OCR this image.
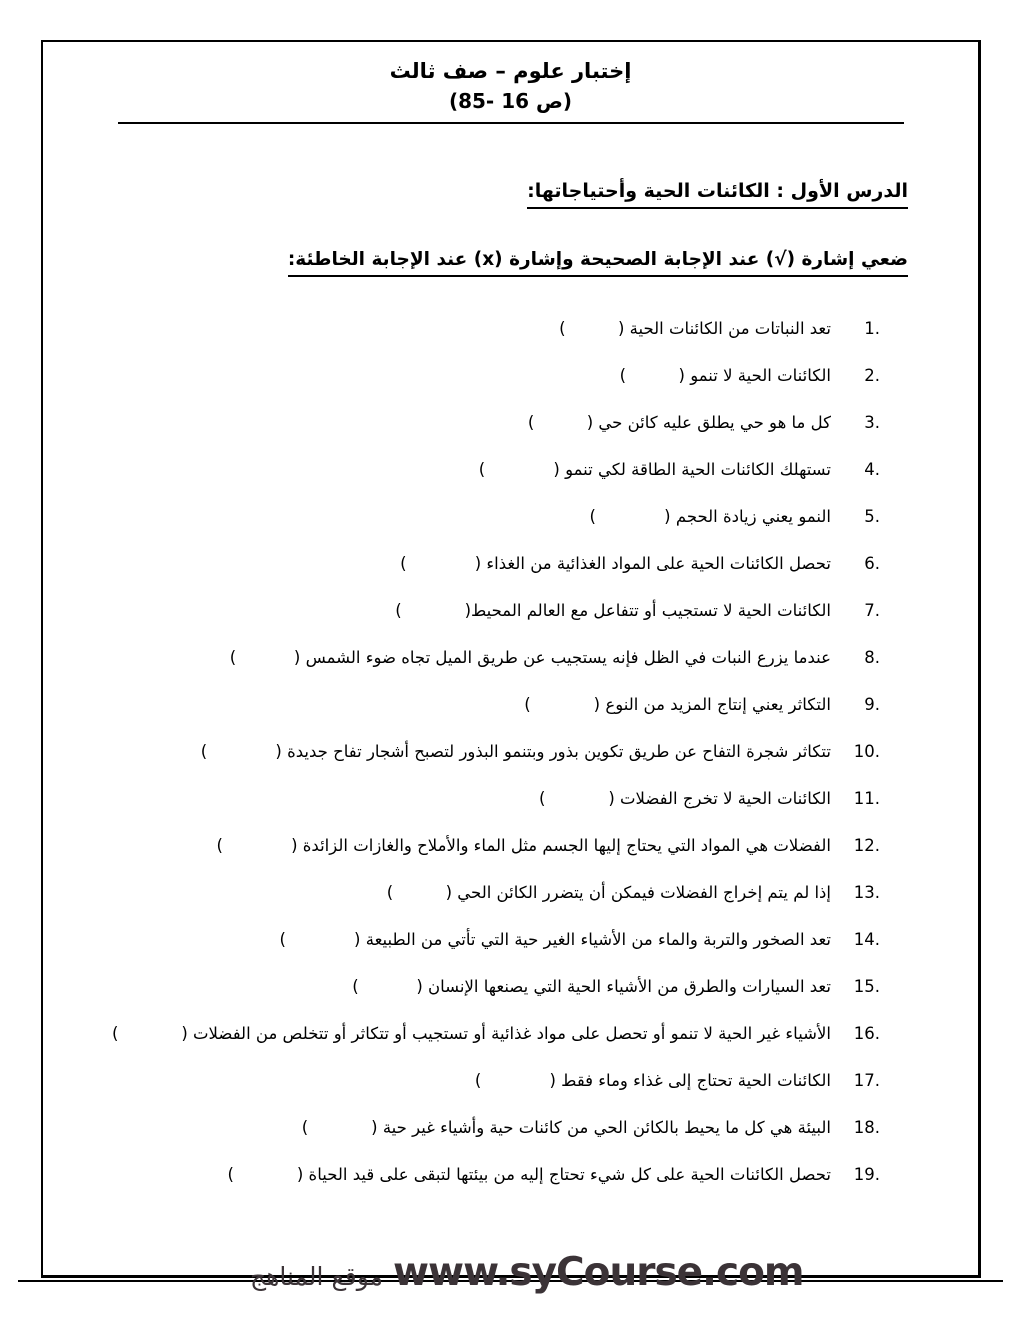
إختبار علوم – صف ثالث
(ص 16 -85)
الدرس الأول : الكائنات الحية وأحتياجاتها:
ضعي إشارة (√) عند الإجابة الصحيحة وإشارة (x) عند الإجابة الخاطئة:
1.
تعد النباتات من الكائنات الحية (          )
2.
الكائنات الحية لا تنمو (          )
3.
كل ما هو حي يطلق عليه كائن حي (          )
4.
تستهلك الكائنات الحية الطاقة لكي تنمو (             )
5.
النمو يعني زيادة الحجم (             )
6.
تحصل الكائنات الحية على المواد الغذائية من الغذاء (             )
7.
الكائنات الحية لا تستجيب أو تتفاعل مع العالم المحيط(            )
8.
عندما يزرع النبات في الظل فإنه يستجيب عن طريق الميل تجاه ضوء الشمس (           )
9.
التكاثر يعني إنتاج المزيد من النوع (            )
10.
تتكاثر شجرة التفاح عن طريق تكوين بذور وبتنمو البذور لتصبح أشجار تفاح جديدة (             )
11.
الكائنات الحية لا تخرج الفضلات (            )
12.
الفضلات هي المواد التي يحتاج إليها الجسم مثل الماء والأملاح والغازات الزائدة (             )
13.
إذا لم يتم إخراج الفضلات فيمكن أن يتضرر الكائن الحي (          )
14.
تعد الصخور والتربة والماء من الأشياء الغير حية التي تأتي من الطبيعة (             )
15.
تعد السيارات والطرق من الأشياء الحية التي يصنعها الإنسان (           )
16.
الأشياء غير الحية لا تنمو أو تحصل على مواد غذائية أو تستجيب أو تتكاثر أو تتخلص من الفضلات (            )
17.
الكائنات الحية تحتاج إلى غذاء وماء فقط (             )
18.
البيئة هي كل ما يحيط بالكائن الحي من كائنات حية وأشياء غير حية (            )
19.
تحصل الكائنات الحية على كل شيء تحتاج إليه من بيئتها لتبقى على قيد الحياة (            )
موقع المناهج www.syCourse.com
